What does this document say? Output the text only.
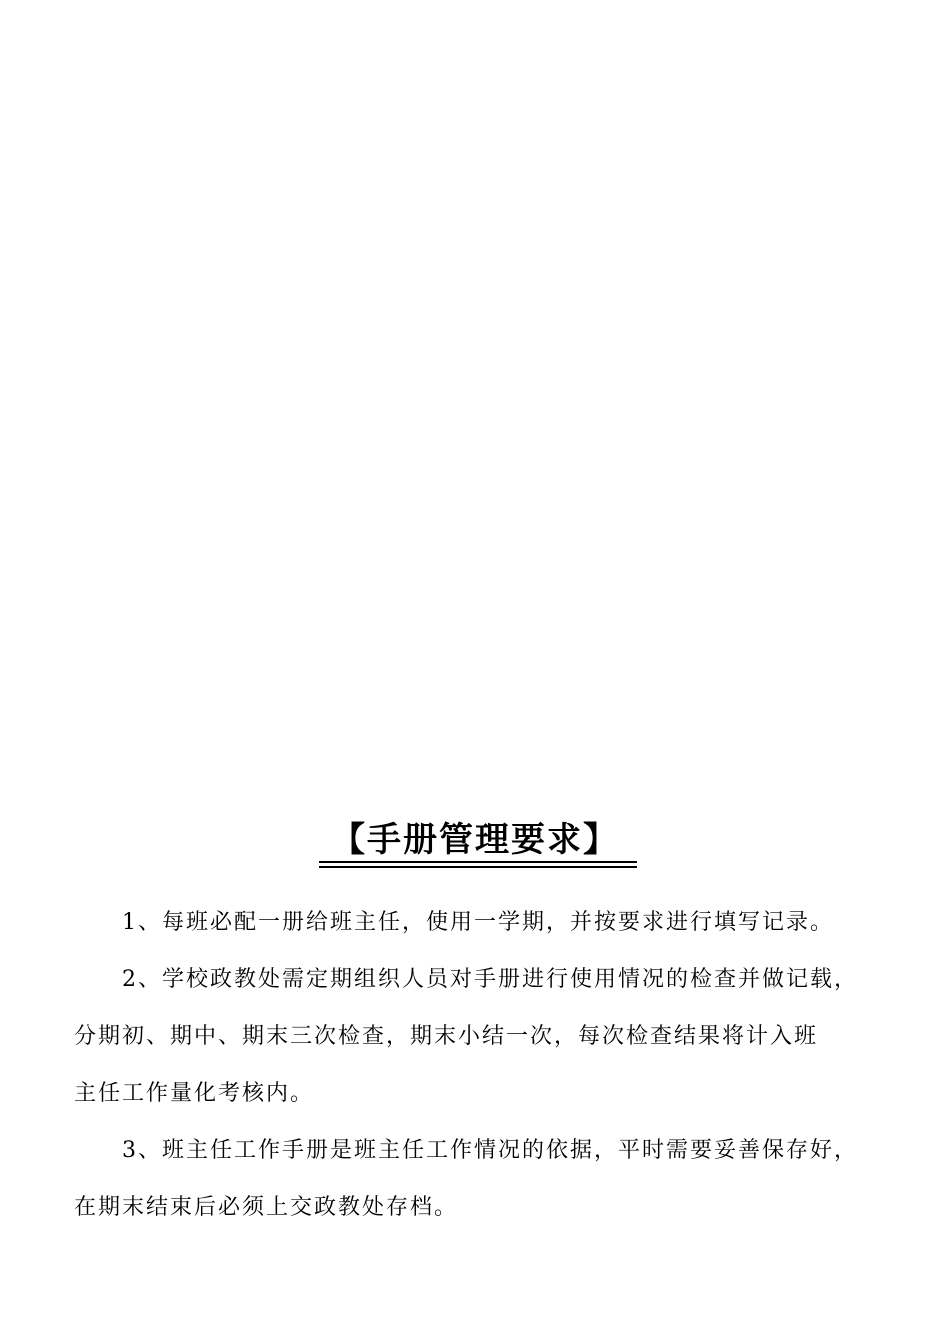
【手册管理要求】
1、每班必配一册给班主任，使用一学期，并按要求进行填写记录。
2、学校政教处需定期组织人员对手册进行使用情况的检查并做记载，
分期初、期中、期末三次检查，期末小结一次，每次检查结果将计入班
主任工作量化考核内。
3、班主任工作手册是班主任工作情况的依据，平时需要妥善保存好，
在期末结束后必须上交政教处存档。
